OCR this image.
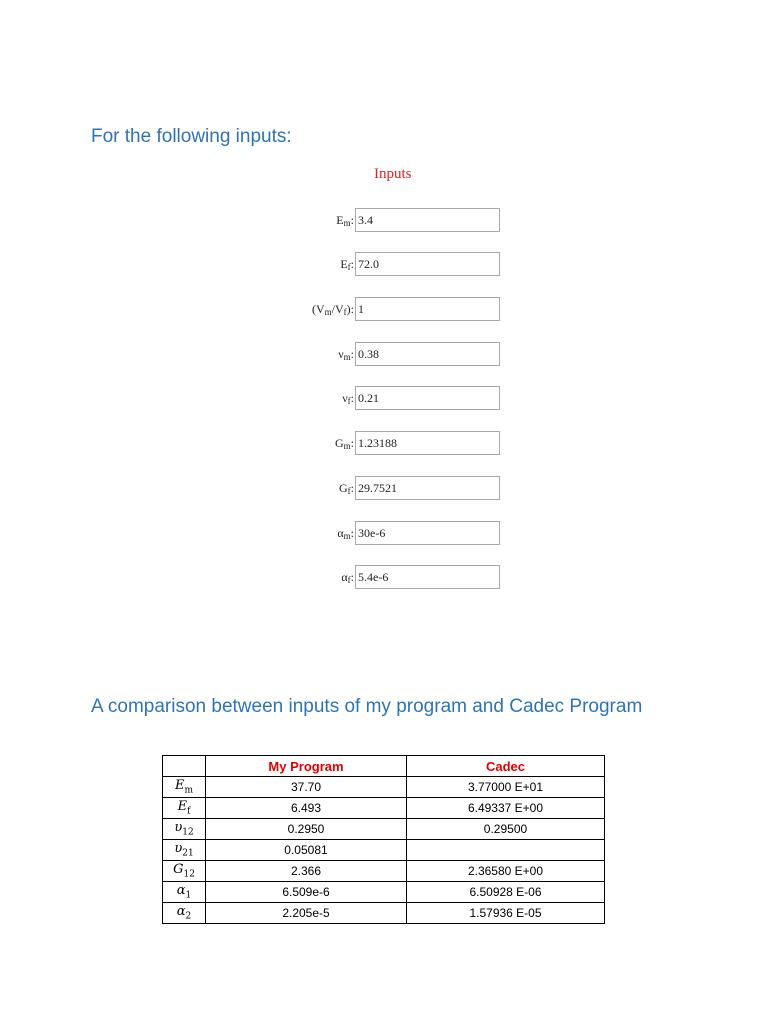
For the following inputs:
Inputs
$E_m$: 3.4
$E_f$: 72.0
$(V_m/V_f)$: 1
$\nu_m$: 0.38
$\nu_f$: 0.21
$G_m$: 1.23188
$G_f$: 29.7521
$\alpha_m$: 30e-6
$\alpha_f$: 5.4e-6
A comparison between inputs of my program and Cadec Program
	My Program	Cadec
$E_m$	37.70	3.77000 E+01
$E_f$	6.493	6.49337 E+00
$\upsilon_{12}$	0.2950	0.29500
$\upsilon_{21}$	0.05081	
$G_{12}$	2.366	2.36580 E+00
$\alpha_1$	6.509e-6	6.50928 E-06
$\alpha_2$	2.205e-5	1.57936 E-05
